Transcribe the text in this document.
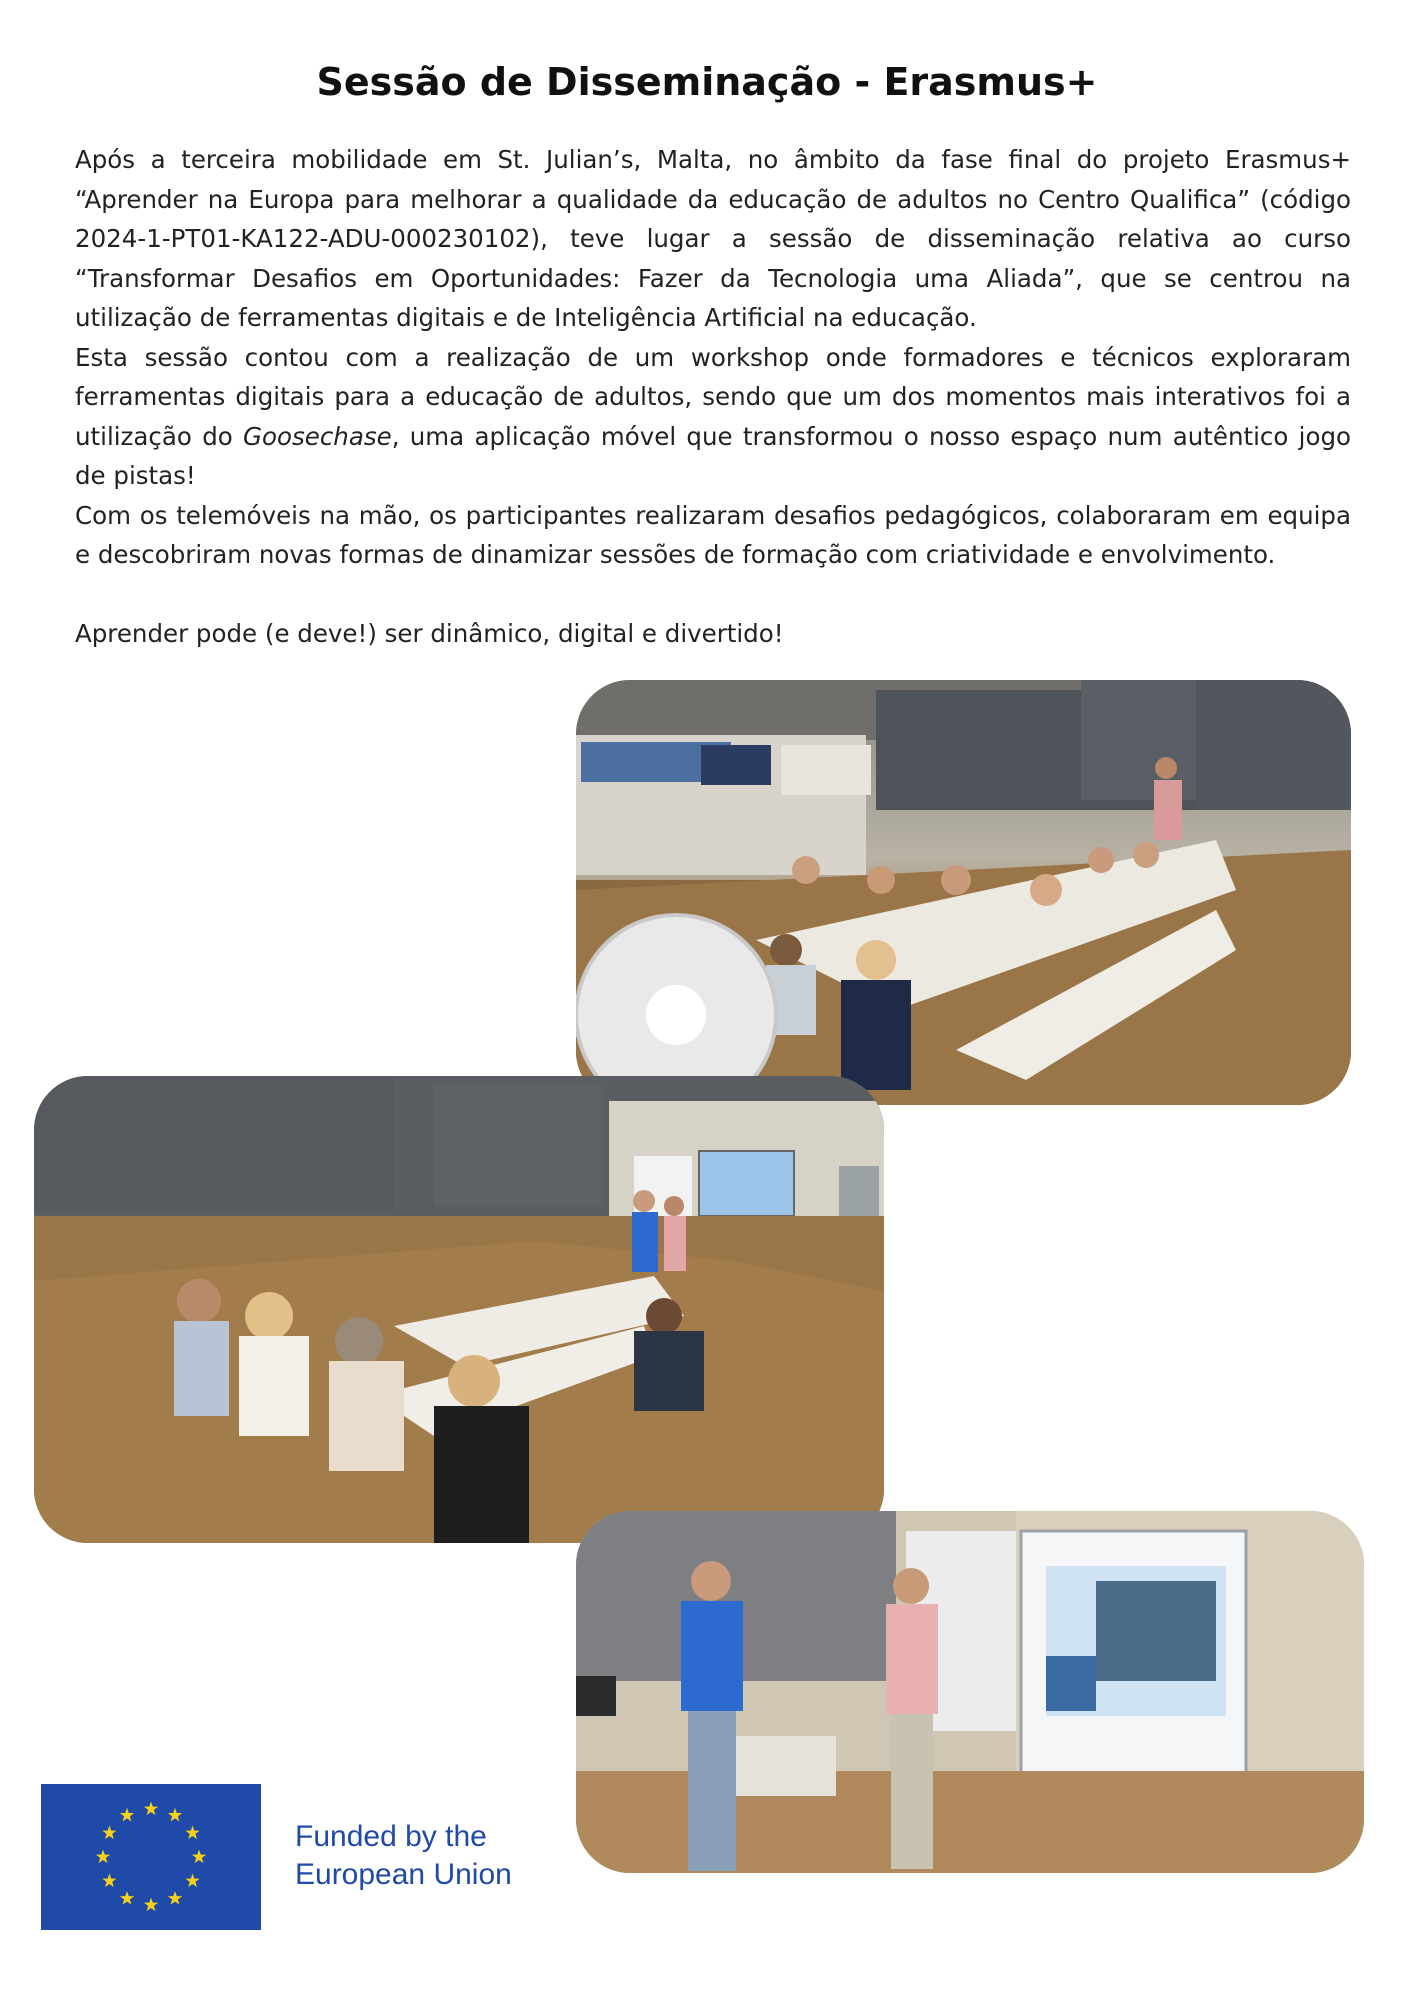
Sessão de Disseminação - Erasmus+

Após a terceira mobilidade em St. Julian’s, Malta, no âmbito da fase final do projeto Erasmus+ “Aprender na Europa para melhorar a qualidade da educação de adultos no Centro Qualifica” (código 2024-1-PT01-KA122-ADU-000230102), teve lugar a sessão de disseminação relativa ao curso “Transformar Desafios em Oportunidades: Fazer da Tecnologia uma Aliada”, que se centrou na utilização de ferramentas digitais e de Inteligência Artificial na educação.

Esta sessão contou com a realização de um workshop onde formadores e técnicos exploraram ferramentas digitais para a educação de adultos, sendo que um dos momentos mais interativos foi a utilização do Goosechase, uma aplicação móvel que transformou o nosso espaço num autêntico jogo de pistas!

Com os telemóveis na mão, os participantes realizaram desafios pedagógicos, colaboraram em equipa e descobriram novas formas de dinamizar sessões de formação com criatividade e envolvimento.

Aprender pode (e deve!) ser dinâmico, digital e divertido!

Funded by the
European Union
